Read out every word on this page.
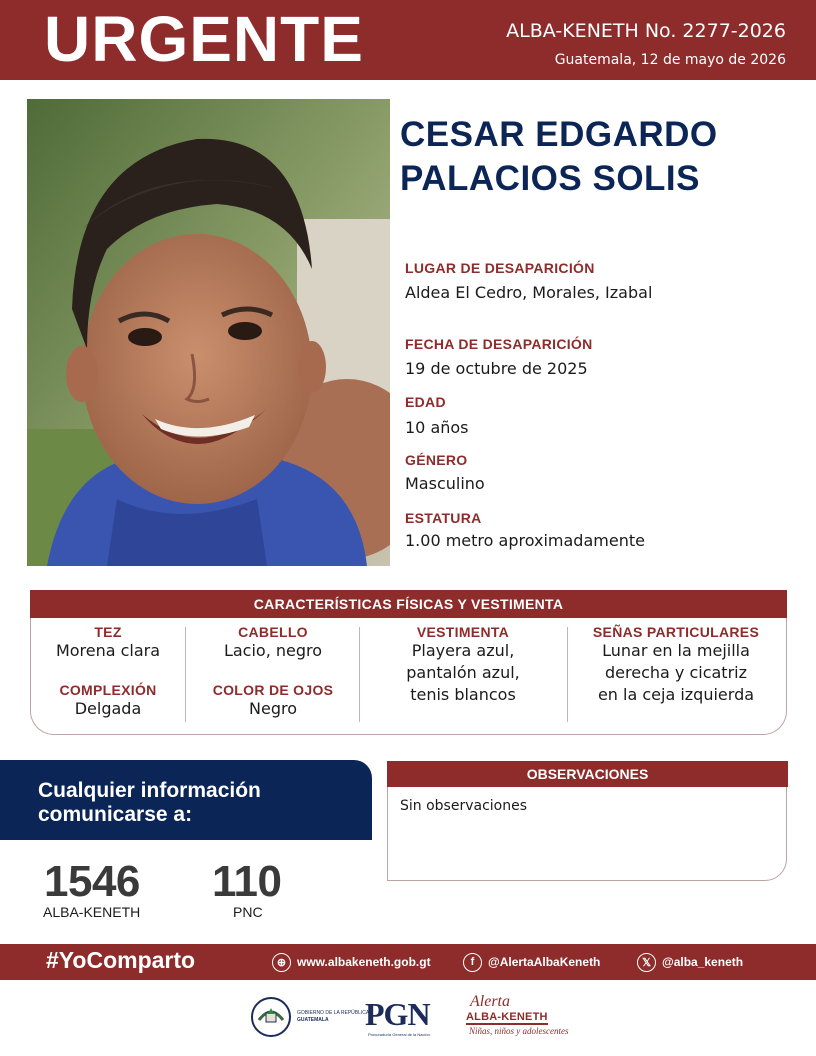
URGENTE	ALBA-KENETH No. 2277-2026
Guatemala, 12 de mayo de 2026
CESAR EDGARDO
PALACIOS SOLIS
LUGAR DE DESAPARICIÓN
Aldea El Cedro, Morales, Izabal
FECHA DE DESAPARICIÓN
19 de octubre de 2025
EDAD
10 años
GÉNERO
Masculino
ESTATURA
1.00 metro aproximadamente
CARACTERÍSTICAS FÍSICAS Y VESTIMENTA
TEZ
Morena clara
COMPLEXIÓN
Delgada
CABELLO
Lacio, negro
COLOR DE OJOS
Negro
VESTIMENTA
Playera azul,
pantalón azul,
tenis blancos
SEÑAS PARTICULARES
Lunar en la mejilla
derecha y cicatriz
en la ceja izquierda
Cualquier información
comunicarse a:
1546
ALBA-KENETH
110
PNC
OBSERVACIONES
Sin observaciones
#YoComparto	⊕ www.albakeneth.gob.gt	f	@AlertaAlbaKeneth	𝕏 @alba_keneth
GOBIERNO DE LA REPÚBLICA
GUATEMALA	PGN
Procuraduría General de la Nación
Alerta
ALBA-KENETH
Niñas, niños y adolescentes
